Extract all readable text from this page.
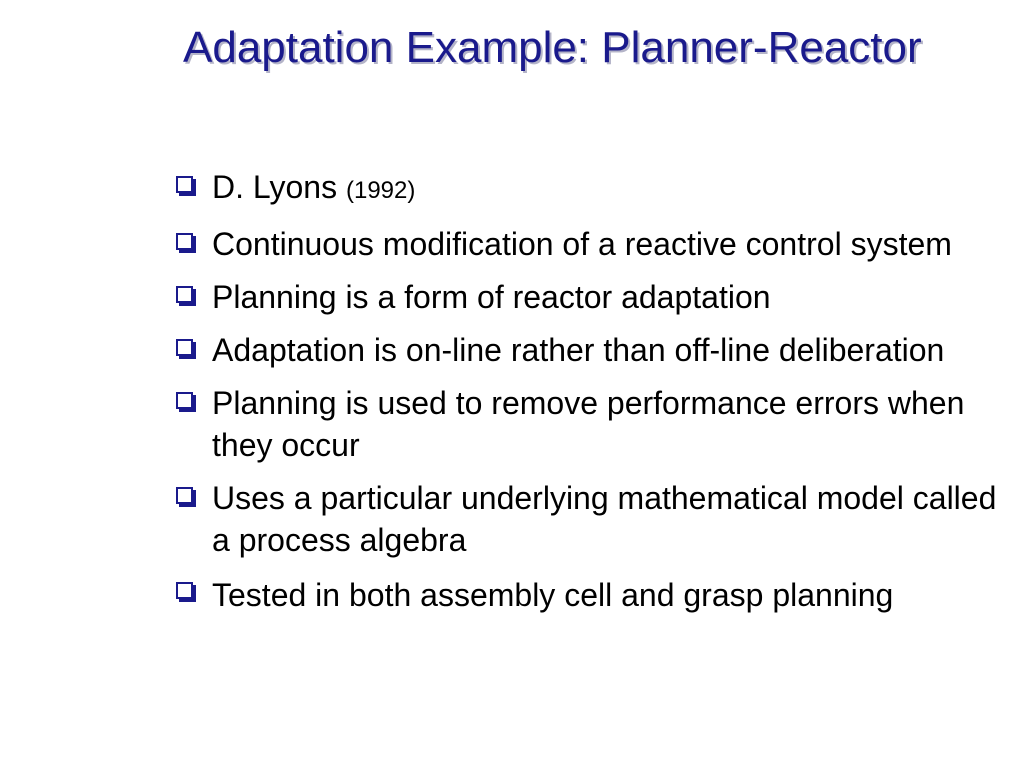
Adaptation Example: Planner-Reactor
D. Lyons (1992)
Continuous modification of a reactive control system
Planning is a form of reactor adaptation
Adaptation is on-line rather than off-line deliberation
Planning is used to remove performance errors when they occur
Uses a particular underlying mathematical model called a process algebra
Tested in both assembly cell and grasp planning
